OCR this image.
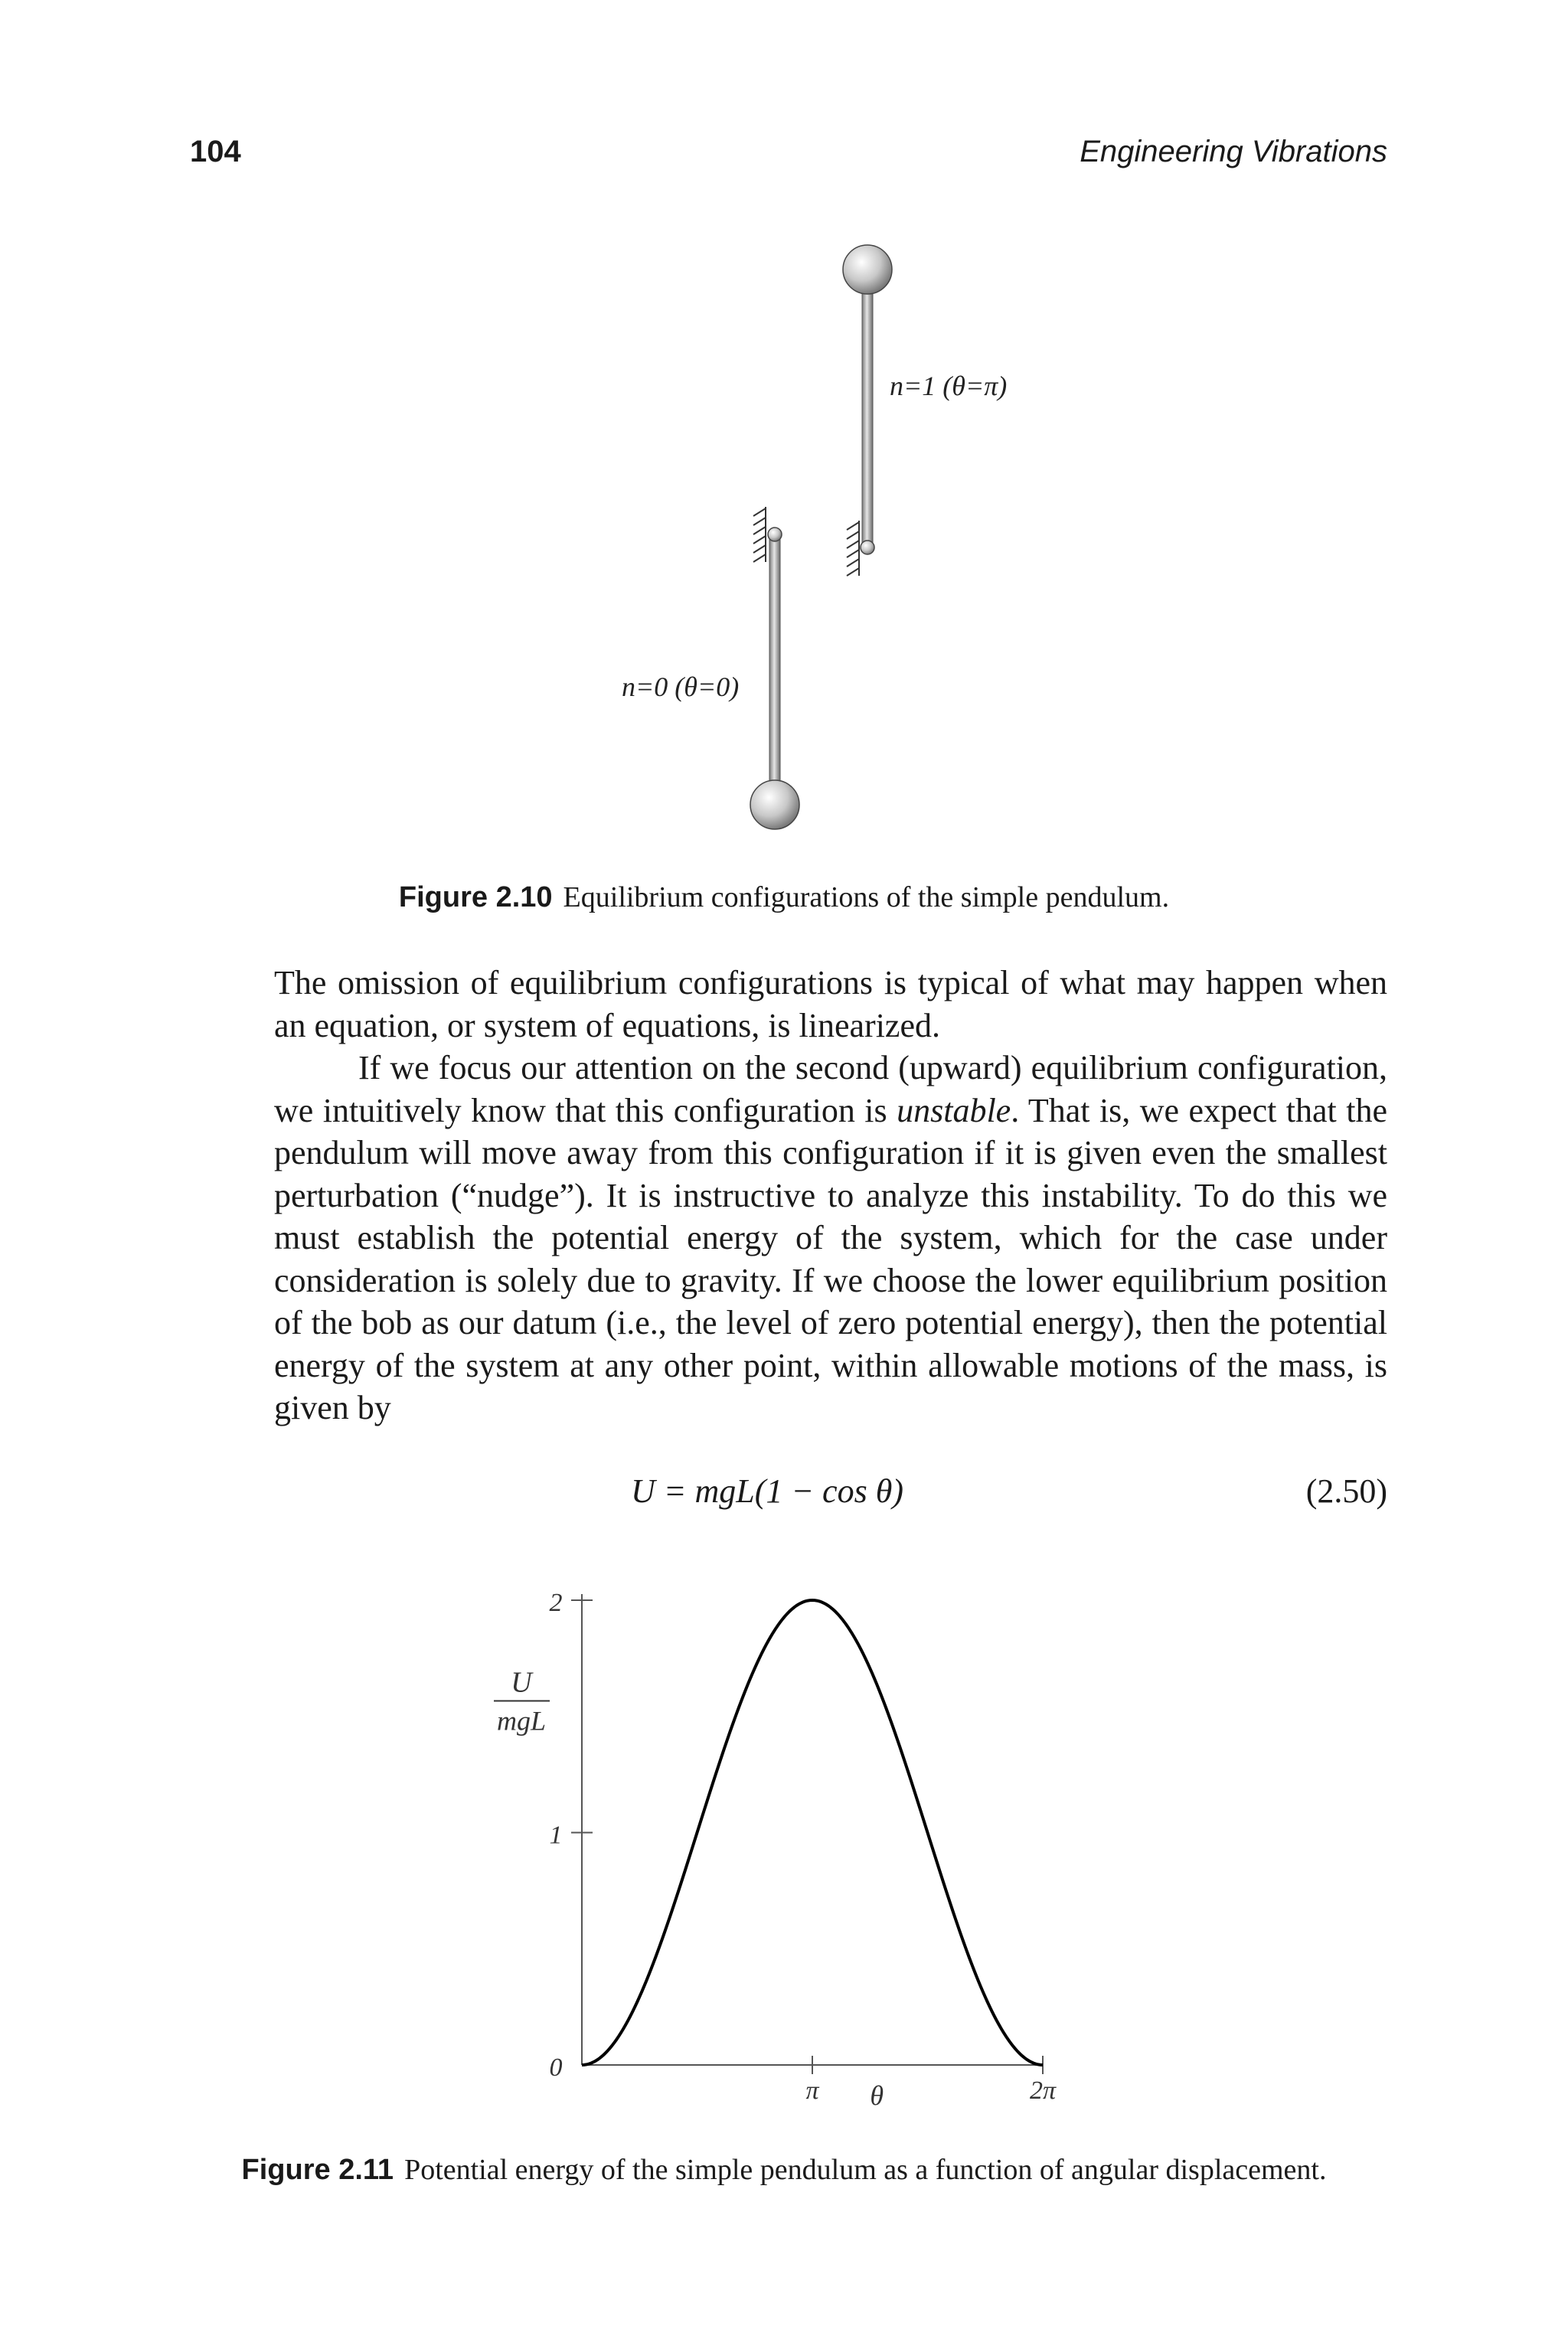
104	Engineering Vibrations
n=1 (θ=π)
n=0 (θ=0)
Figure 2.10 Equilibrium configurations of the simple pendulum.

The omission of equilibrium configurations is typical of what may happen when an equation, or system of equations, is linearized.

If we focus our attention on the second (upward) equilibrium configuration, we intuitively know that this configuration is unstable. That is, we expect that the pendulum will move away from this configuration if it is given even the smallest perturbation (“nudge”). It is instructive to analyze this instability. To do this we must establish the potential energy of the system, which for the case under consideration is solely due to gravity. If we choose the lower equilibrium position of the bob as our datum (i.e., the level of zero potential energy), then the potential energy of the system at any other point, within allowable motions of the mass, is given by

U = mgL(1 − cos θ)	(2.50)
0
1
2
π	2π
θ
U
mgL
Figure 2.11 Potential energy of the simple pendulum as a function of angular displacement.
